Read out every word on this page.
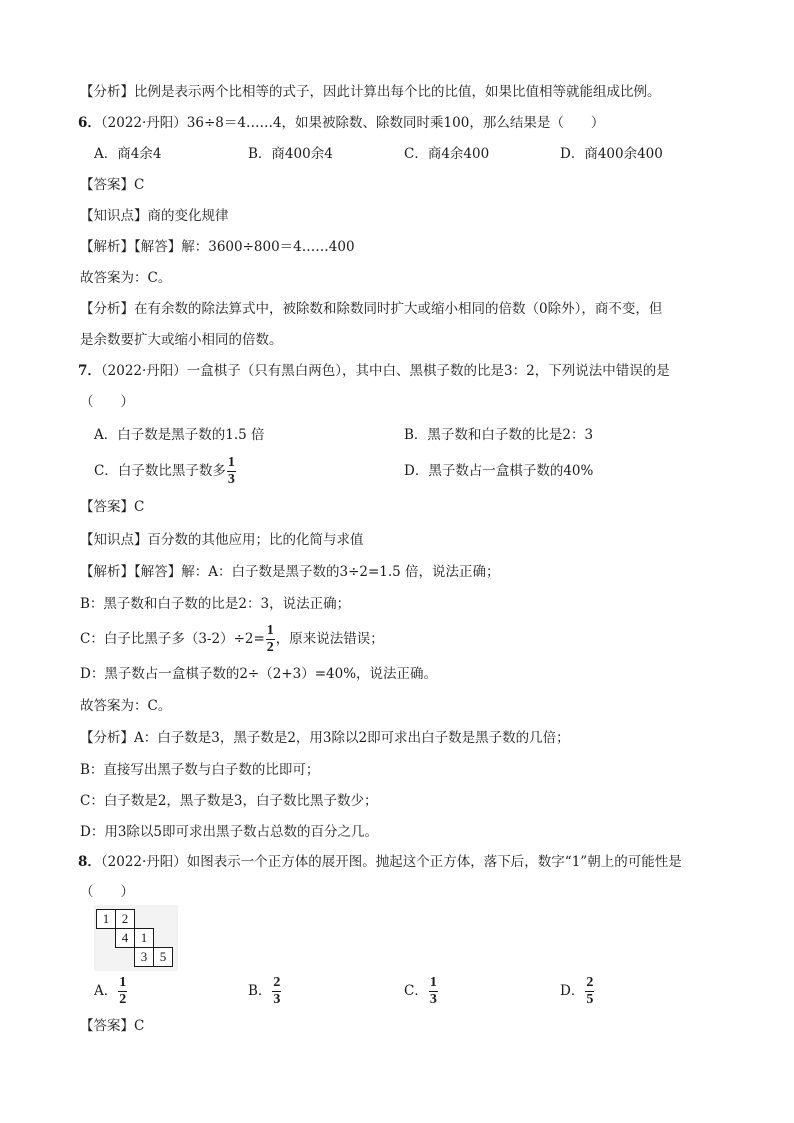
【分析】比例是表示两个比相等的式子，因此计算出每个比的比值，如果比值相等就能组成比例。
6．（2022·丹阳）36÷8＝4……4，如果被除数、除数同时乘100，那么结果是（　　）
A．商4余4	B．商400余4	C．商4余400	D．商400余400
【答案】C
【知识点】商的变化规律
【解析】【解答】解：3600÷800＝4……400
故答案为：C。
【分析】在有余数的除法算式中，被除数和除数同时扩大或缩小相同的倍数（0除外），商不变，但
是余数要扩大或缩小相同的倍数。
7．（2022·丹阳）一盒棋子（只有黑白两色），其中白、黑棋子数的比是3：2，下列说法中错误的是
（　　）
A．白子数是黑子数的1.5 倍	B．黑子数和白子数的比是2：3
C．白子数比黑子数多 $\frac{1}{3}$	D．黑子数占一盒棋子数的40%
【答案】C
【知识点】百分数的其他应用；比的化简与求值
【解析】【解答】解：A：白子数是黑子数的3÷2=1.5 倍，说法正确；
B：黑子数和白子数的比是2：3，说法正确；
C：白子比黑子多$(3-2)\div 2= \frac{1}{2}$ ，原来说法错误；
D：黑子数占一盒棋子数的2÷（2+3）=40%，说法正确。
故答案为：C。
【分析】A：白子数是3，黑子数是2，用3除以2即可求出白子数是黑子数的几倍；
B：直接写出黑子数与白子数的比即可；
C：白子数是2，黑子数是3，白子数比黑子数少；
D：用3除以5即可求出黑子数占总数的百分之几。
8．（2022·丹阳）如图表示一个正方体的展开图。抛起这个正方体，落下后，数字“1”朝上的可能性是
（　　）
1 2
4 1
3 5
A． $\frac{1}{2}$	B． $\frac{2}{3}$	C． $\frac{1}{3}$	D． $\frac{2}{5}$
【答案】C
